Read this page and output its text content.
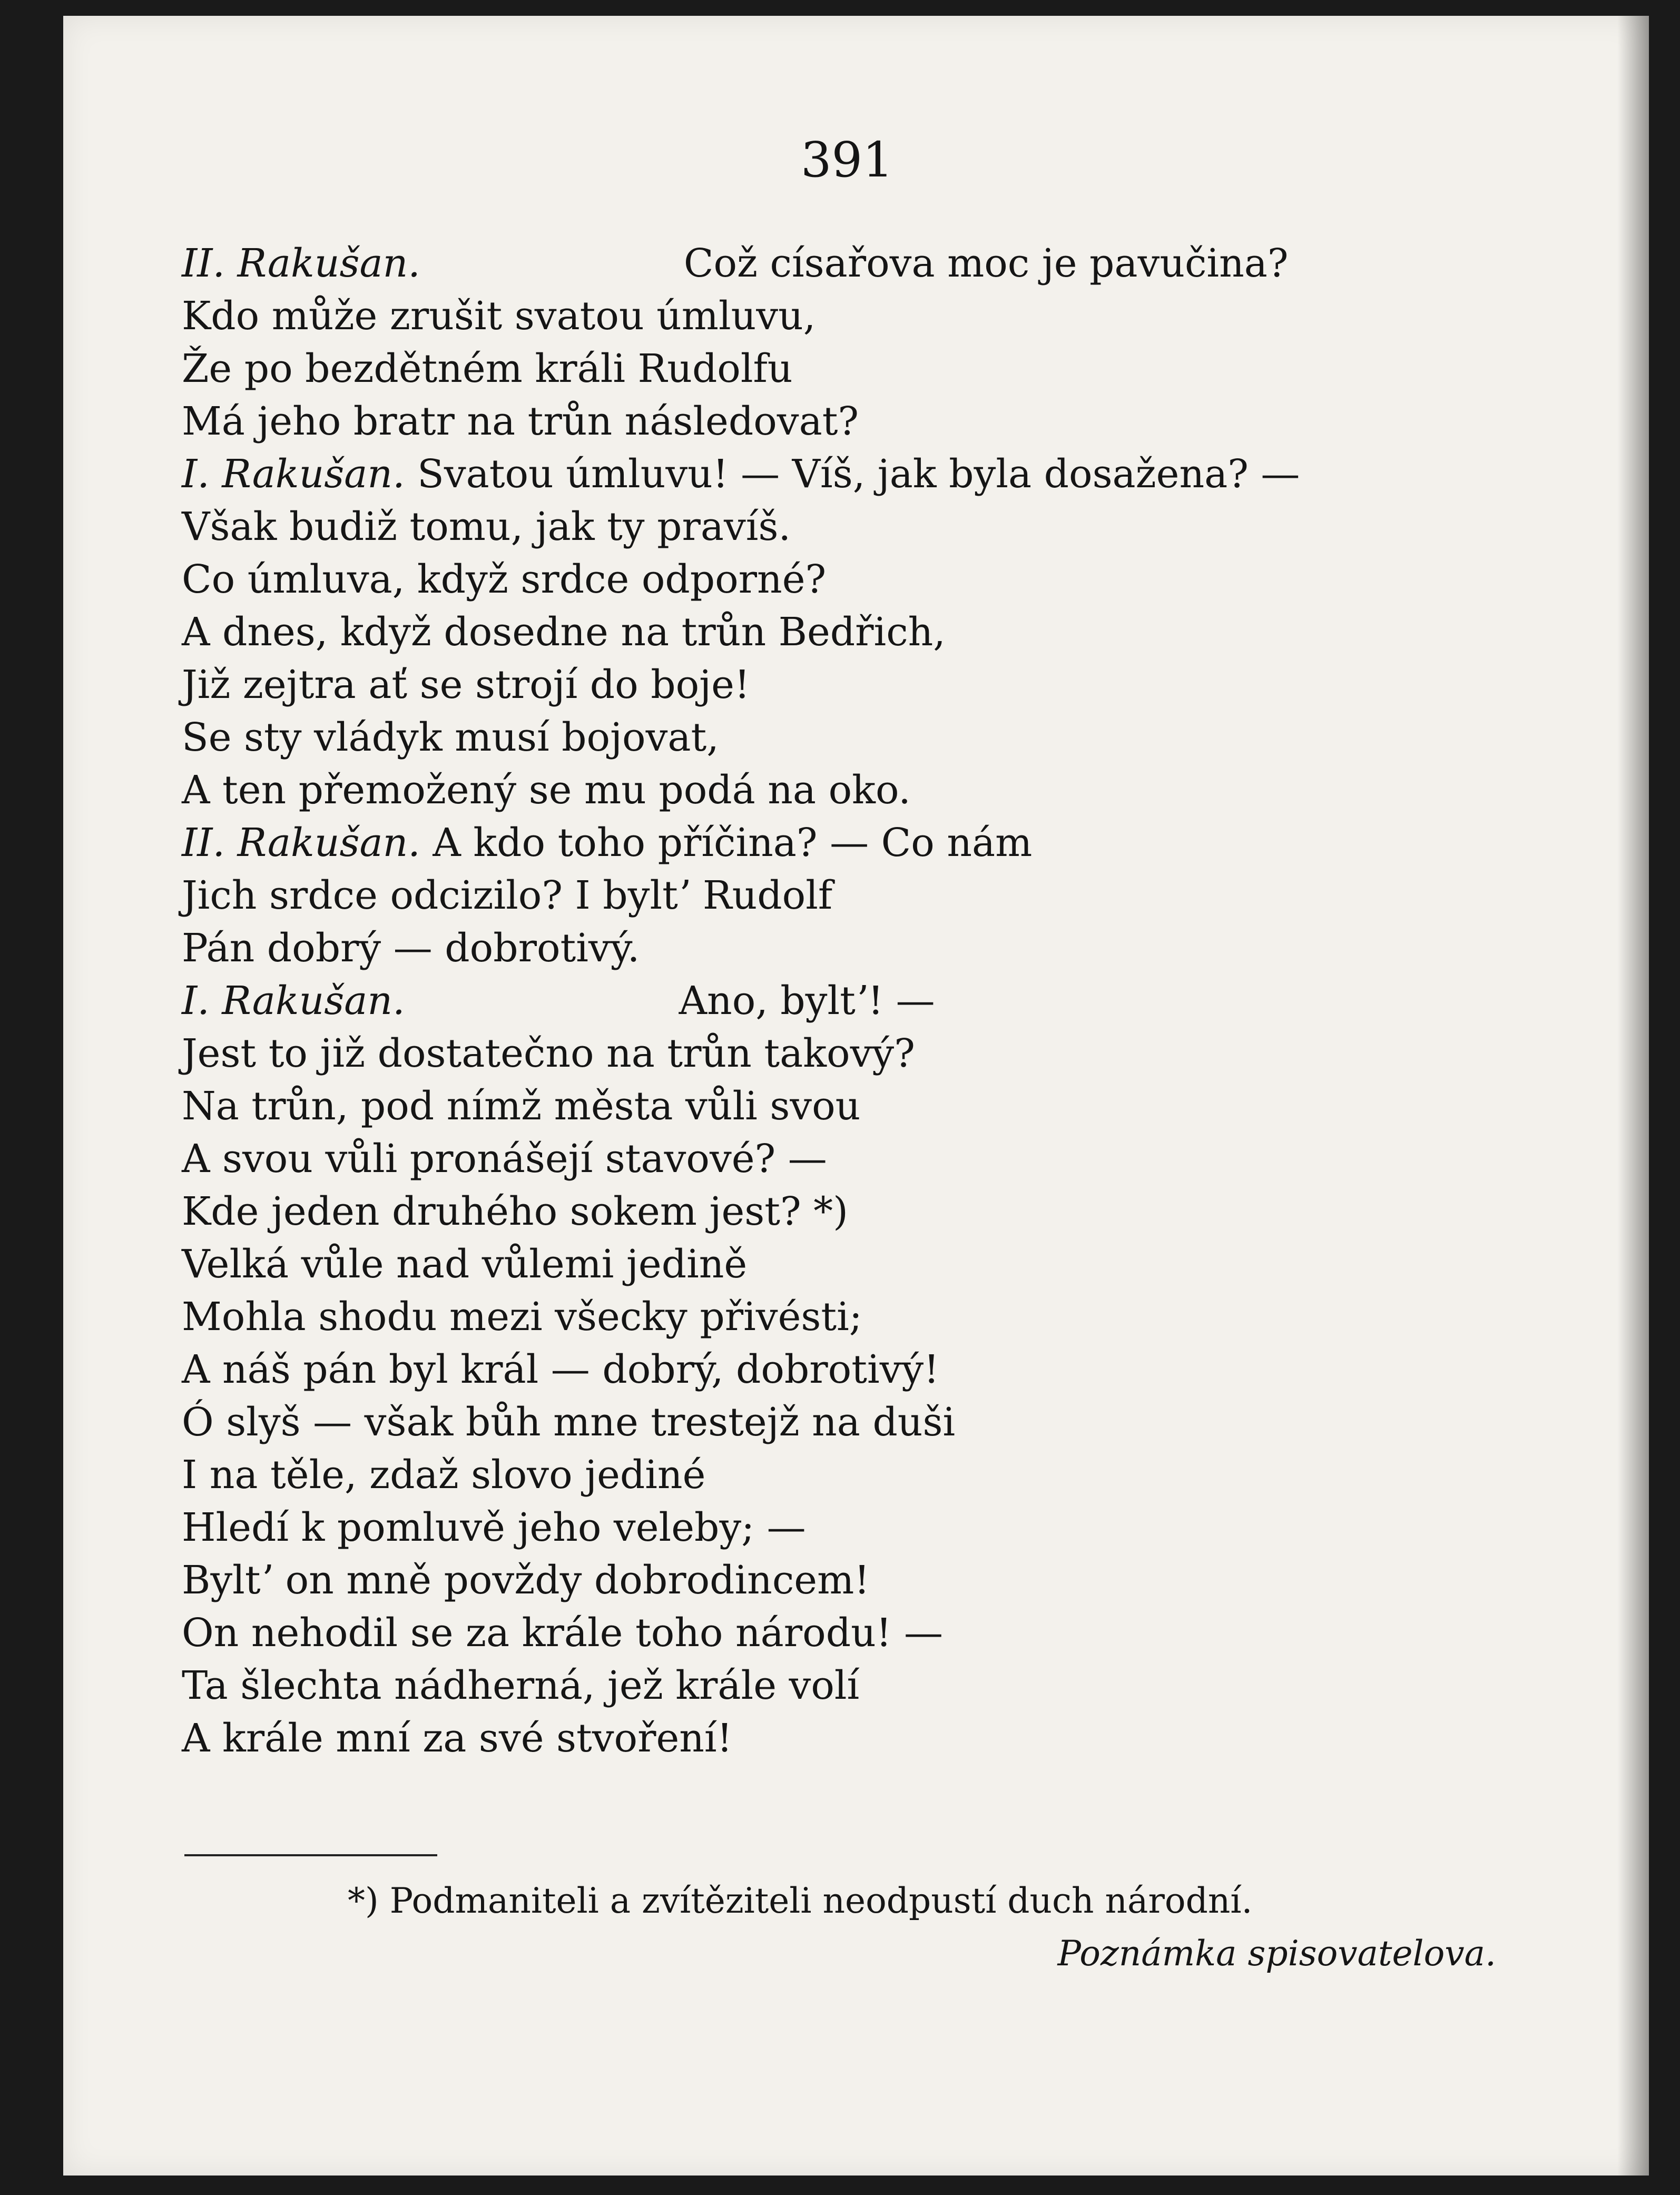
391
II. Rakušan.	Což císařova moc je pavučina?
Kdo může zrušit svatou úmluvu,
Že po bezdětném králi Rudolfu
Má jeho bratr na trůn následovat?
I. Rakušan. Svatou úmluvu! — Víš, jak byla dosažena? —
Však budiž tomu, jak ty pravíš.
Co úmluva, když srdce odporné?
A dnes, když dosedne na trůn Bedřich,
Již zejtra ať se strojí do boje!
Se sty vládyk musí bojovat,
A ten přemožený se mu podá na oko.
II. Rakušan. A kdo toho příčina? — Co nám
Jich srdce odcizilo? I byltʼ Rudolf
Pán dobrý — dobrotivý.
I. Rakušan.	Ano, byltʼ! —
Jest to již dostatečno na trůn takový?
Na trůn, pod nímž města vůli svou
A svou vůli pronášejí stavové? —
Kde jeden druhého sokem jest? *)
Velká vůle nad vůlemi jedině
Mohla shodu mezi všecky přivésti;
A náš pán byl král — dobrý, dobrotivý!
Ó slyš — však bůh mne trestejž na duši
I na těle, zdaž slovo jediné
Hledí k pomluvě jeho veleby; —
Byltʼ on mně povždy dobrodincem!
On nehodil se za krále toho národu! —
Ta šlechta nádherná, jež krále volí
A krále mní za své stvoření!
*) Podmaniteli a zvítěziteli neodpustí duch národní.
Poznámka spisovatelova.
